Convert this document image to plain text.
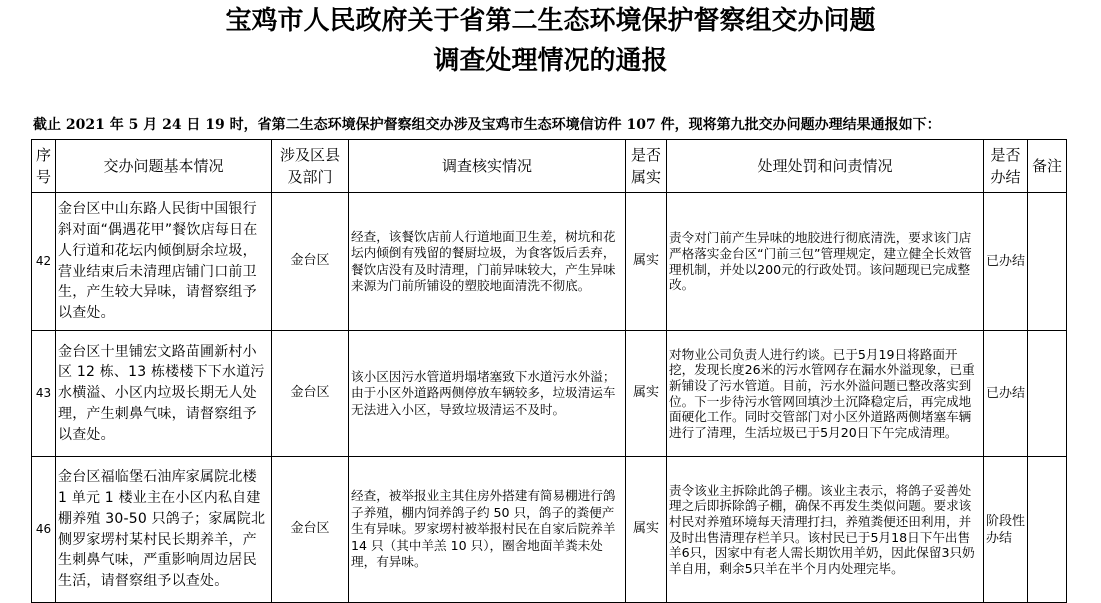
宝鸡市人民政府关于省第二生态环境保护督察组交办问题
调查处理情况的通报
截止 2021 年 5 月 24 日 19 时，省第二生态环境保护督察组交办涉及宝鸡市生态环境信访件 107 件，现将第九批交办问题办理结果通报如下：
序号	交办问题基本情况	涉及区县及部门	调查核实情况	是否属实	处理处罚和问责情况	是否办结	备注
42	金台区中山东路人民街中国银行斜对面“偶遇花甲”餐饮店每日在人行道和花坛内倾倒厨余垃圾，营业结束后未清理店铺门口前卫生，产生较大异味，请督察组予以查处。	金台区	经查，该餐饮店前人行道地面卫生差，树坑和花坛内倾倒有残留的餐厨垃圾，为食客饭后丢弃，餐饮店没有及时清理，门前异味较大，产生异味来源为门前所铺设的塑胶地面清洗不彻底。	属实	责令对门前产生异味的地胶进行彻底清洗，要求该门店严格落实金台区“门前三包”管理规定，建立健全长效管理机制，并处以200元的行政处罚。该问题现已完成整改。	已办结	
43	金台区十里铺宏文路苗圃新村小区 12 栋、13 栋楼楼下下水道污水横溢、小区内垃圾长期无人处理，产生刺鼻气味，请督察组予以查处。	金台区	该小区因污水管道坍塌堵塞致下水道污水外溢；由于小区外道路两侧停放车辆较多，垃圾清运车无法进入小区，导致垃圾清运不及时。	属实	对物业公司负责人进行约谈。已于5月19日将路面开挖，发现长度26米的污水管网存在漏水外溢现象，已重新铺设了污水管道。目前，污水外溢问题已整改落实到位。下一步待污水管网回填沙土沉降稳定后，再完成地面硬化工作。同时交管部门对小区外道路两侧堵塞车辆进行了清理，生活垃圾已于5月20日下午完成清理。	已办结	
46	金台区福临堡石油库家属院北楼 1 单元 1 楼业主在小区内私自建棚养殖 30-50 只鸽子；家属院北侧罗家塄村某村民长期养羊，产生刺鼻气味，严重影响周边居民生活，请督察组予以查处。	金台区	经查，被举报业主其住房外搭建有简易棚进行鸽子养殖，棚内饲养鸽子约 50 只，鸽子的粪便产生有异味。罗家塄村被举报村民在自家后院养羊 14 只（其中羊羔 10 只），圈舍地面羊粪未处理，有异味。	属实	责令该业主拆除此鸽子棚。该业主表示，将鸽子妥善处理之后即拆除鸽子棚，确保不再发生类似问题。要求该村民对养殖环境每天清理打扫，养殖粪便还田利用，并及时出售清理存栏羊只。该村民已于5月18日下午出售羊6只，因家中有老人需长期饮用羊奶，因此保留3只奶羊自用，剩余5只羊在半个月内处理完毕。	阶段性办结	
